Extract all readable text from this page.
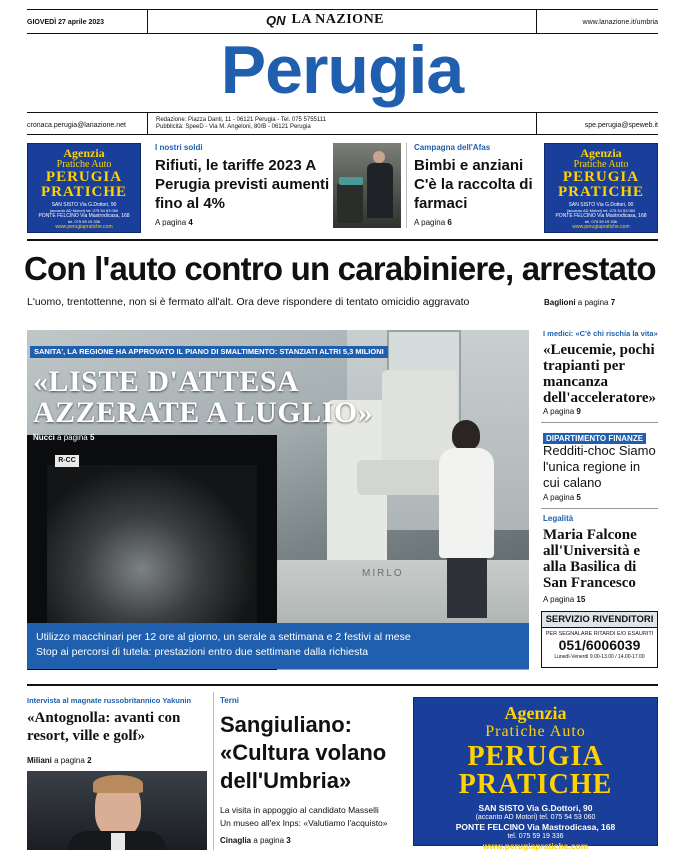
GIOVEDÌ 27 aprile 2023	QN LA NAZIONE	www.lanazione.it/umbria
Perugia
cronaca.perugia@lanazione.net
Redazione: Piazza Danti, 11 - 06121 Perugia - Tel. 075 5755111
Pubblicità: SpeeD - Via M. Angeloni, 80/B - 06121 Perugia	spe.perugia@speweb.it
Agenzia
Pratiche Auto
PERUGIA
PRATICHE
SAN SISTO Via G.Dottori, 90
(accanto AD Motori) tel. 075 54 53 060
PONTE FELCINO Via Mastrodicasa, 168
tel. 075 59 19 336
www.perugiapratiche.com
Agenzia
Pratiche Auto
PERUGIA
PRATICHE
SAN SISTO Via G.Dottori, 90
(accanto AD Motori) tel. 075 54 53 060
PONTE FELCINO Via Mastrodicasa, 168
tel. 075 59 19 336
www.perugiapratiche.com
I nostri soldi
Rifiuti, le tariffe 2023 A Perugia previsti aumenti fino al 4%
A pagina 4
Campagna dell'Afas
Bimbi e anziani C'è la raccolta di farmaci
A pagina 6
Con l'auto contro un carabiniere, arrestato
L'uomo, trentottenne, non si è fermato all'alt. Ora deve rispondere di tentato omicidio aggravato	Baglioni a pagina 7
R-CC
MIRLO
SANITA', LA REGIONE HA APPROVATO IL PIANO DI SMALTIMENTO: STANZIATI ALTRI 5,3 MILIONI
«LISTE D'ATTESA
AZZERATE A LUGLIO»
Nucci a pagina 5
Utilizzo macchinari per 12 ore al giorno, un serale a settimana e 2 festivi al mese
Stop ai percorsi di tutela: prestazioni entro due settimane dalla richiesta
I medici: «C'è chi rischia la vita»
«Leucemie, pochi trapianti per mancanza dell'acceleratore»
A pagina 9
DIPARTIMENTO FINANZE
Redditi-choc Siamo l'unica regione in cui calano
A pagina 5
Legalità
Maria Falcone all'Università e alla Basilica di San Francesco
A pagina 15
SERVIZIO RIVENDITORI
PER SEGNALARE RITARDI E/O ESAURITI
051/6006039
Lunedì-Venerdì 9.00-13.00 / 14.00-17.00
Intervista al magnate russobritannico Yakunin
«Antognolla: avanti con resort, ville e golf»
Miliani a pagina 2
Terni
Sangiuliano: «Cultura volano dell'Umbria»
La visita in appoggio al candidato Masselli
Un museo all'ex Inps: «Valutiamo l'acquisto»
Cinaglia a pagina 3
Agenzia
Pratiche Auto
PERUGIA
PRATICHE
SAN SISTO Via G.Dottori, 90
(accanto AD Motori) tel. 075 54 53 060
PONTE FELCINO Via Mastrodicasa, 168
tel. 075 59 19 336
www.perugiapratiche.com
